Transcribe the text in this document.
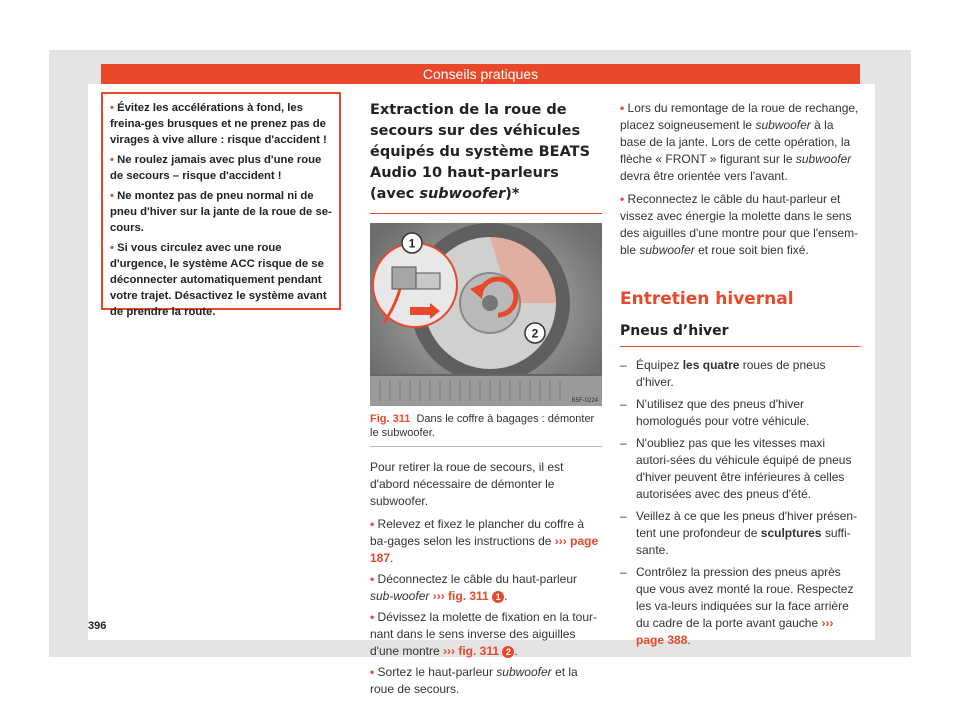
Conseils pratiques

• Évitez les accélérations à fond, les freina-ges brusques et ne prenez pas de virages à vive allure : risque d'accident !

• Ne roulez jamais avec plus d'une roue de secours – risque d'accident !

• Ne montez pas de pneu normal ni de pneu d'hiver sur la jante de la roue de se-cours.

• Si vous circulez avec une roue d'urgence, le système ACC risque de se déconnecter automatiquement pendant votre trajet. Désactivez le système avant de prendre la route.

Extraction de la roue de secours sur des véhicules équipés du système BEATS Audio 10 haut-parleurs (avec subwoofer)*
1
2
B5F-0224

Fig. 311 Dans le coffre à bagages : démonter le subwoofer.

Pour retirer la roue de secours, il est d'abord nécessaire de démonter le subwoofer.

• Relevez et fixez le plancher du coffre à ba-gages selon les instructions de ››› page 187.

• Déconnectez le câble du haut-parleur sub-woofer ››› fig. 311 1 .

• Dévissez la molette de fixation en la tour-nant dans le sens inverse des aiguilles d'une montre ››› fig. 311 2 .

• Sortez le haut-parleur subwoofer et la roue de secours.

• Lors du remontage de la roue de rechange, placez soigneusement le subwoofer à la base de la jante. Lors de cette opération, la flèche « FRONT » figurant sur le subwoofer devra être orientée vers l'avant.

• Reconnectez le câble du haut-parleur et vissez avec énergie la molette dans le sens des aiguilles d'une montre pour que l'ensem-ble subwoofer et roue soit bien fixé.

Entretien hivernal
Pneus d’hiver
– Équipez les quatre roues de pneus d'hiver.
– N'utilisez que des pneus d'hiver homologués pour votre véhicule.
– N'oubliez pas que les vitesses maxi autori-sées du véhicule équipé de pneus d'hiver peuvent être inférieures à celles autorisées avec des pneus d'été.
– Veillez à ce que les pneus d'hiver présen-tent une profondeur de sculptures suffi-sante.
– Contrôlez la pression des pneus après que vous avez monté la roue. Respectez les va-leurs indiquées sur la face arrière du cadre de la porte avant gauche ››› page 388.
396
